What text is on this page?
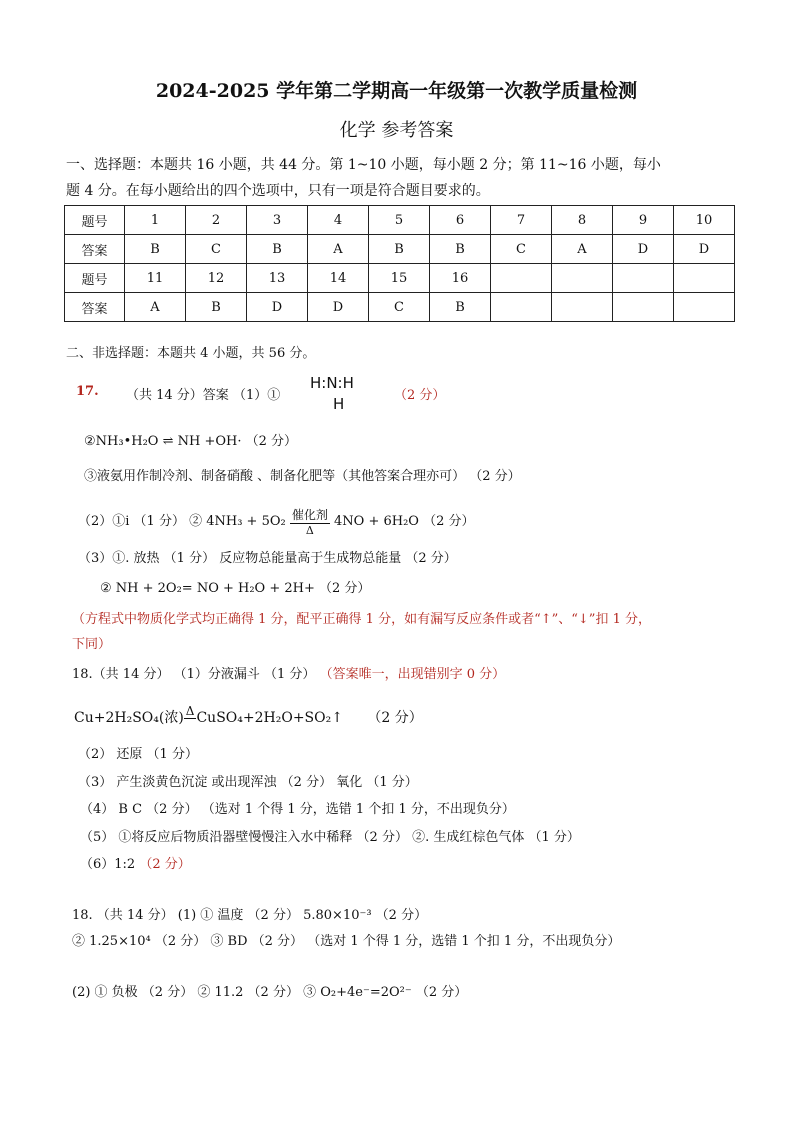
2024-2025 学年第二学期高一年级第一次教学质量检测
化学 参考答案
一、选择题：本题共 16 小题，共 44 分。第 1~10 小题，每小题 2 分；第 11~16 小题，每小
题 4 分。在每小题给出的四个选项中，只有一项是符合题目要求的。
题号	1	2	3	4	5	6	7	8	9	10
答案	B	C	B	A	B	B	C	A	D	D
题号	11	12	13	14	15	16				
答案	A	B	D	D	C	B				
二、非选择题：本题共 4 小题，共 56 分。
17. （共 14 分）答案 （1）①
H:N:H
H	（2 分）
②NH₃•H₂O ⇌ NH +OH· （2 分）
③液氨用作制冷剂、制备硝酸 、制备化肥等（其他答案合理亦可） （2 分）
（2）①i （1 分） ② $4NH_3 + 5O_2 \frac{\text{催化剂}}{\Delta} 4NO + 6H_2O$ （2 分）
（3）①. 放热 （1 分） 反应物总能量高于生成物总能量 （2 分）
② NH + 2O₂= NO + H₂O + 2H+ （2 分）
（方程式中物质化学式均正确得 1 分，配平正确得 1 分，如有漏写反应条件或者“↑”、“↓”扣 1 分，
下同）
18.（共 14 分） （1）分液漏斗 （1 分） （答案唯一，出现错别字 0 分）
Cu+2H₂SO₄(浓) Δ
CuSO₄+2H₂O+SO₂↑ （2 分）
（2） 还原 （1 分）
（3） 产生淡黄色沉淀 或出现浑浊 （2 分） 氧化 （1 分）
（4） B C （2 分） （选对 1 个得 1 分，选错 1 个扣 1 分，不出现负分）
（5） ①将反应后物质沿器壁慢慢注入水中稀释 （2 分） ②. 生成红棕色气体 （1 分）
（6）1:2 （2 分）
18. （共 14 分） (1) ① 温度 （2 分） 5.80×10⁻³ （2 分）
② 1.25×10⁴ （2 分） ③ BD （2 分） （选对 1 个得 1 分，选错 1 个扣 1 分，不出现负分）
(2) ① 负极 （2 分） ② 11.2 （2 分） ③ O₂+4e⁻=2O²⁻ （2 分）
